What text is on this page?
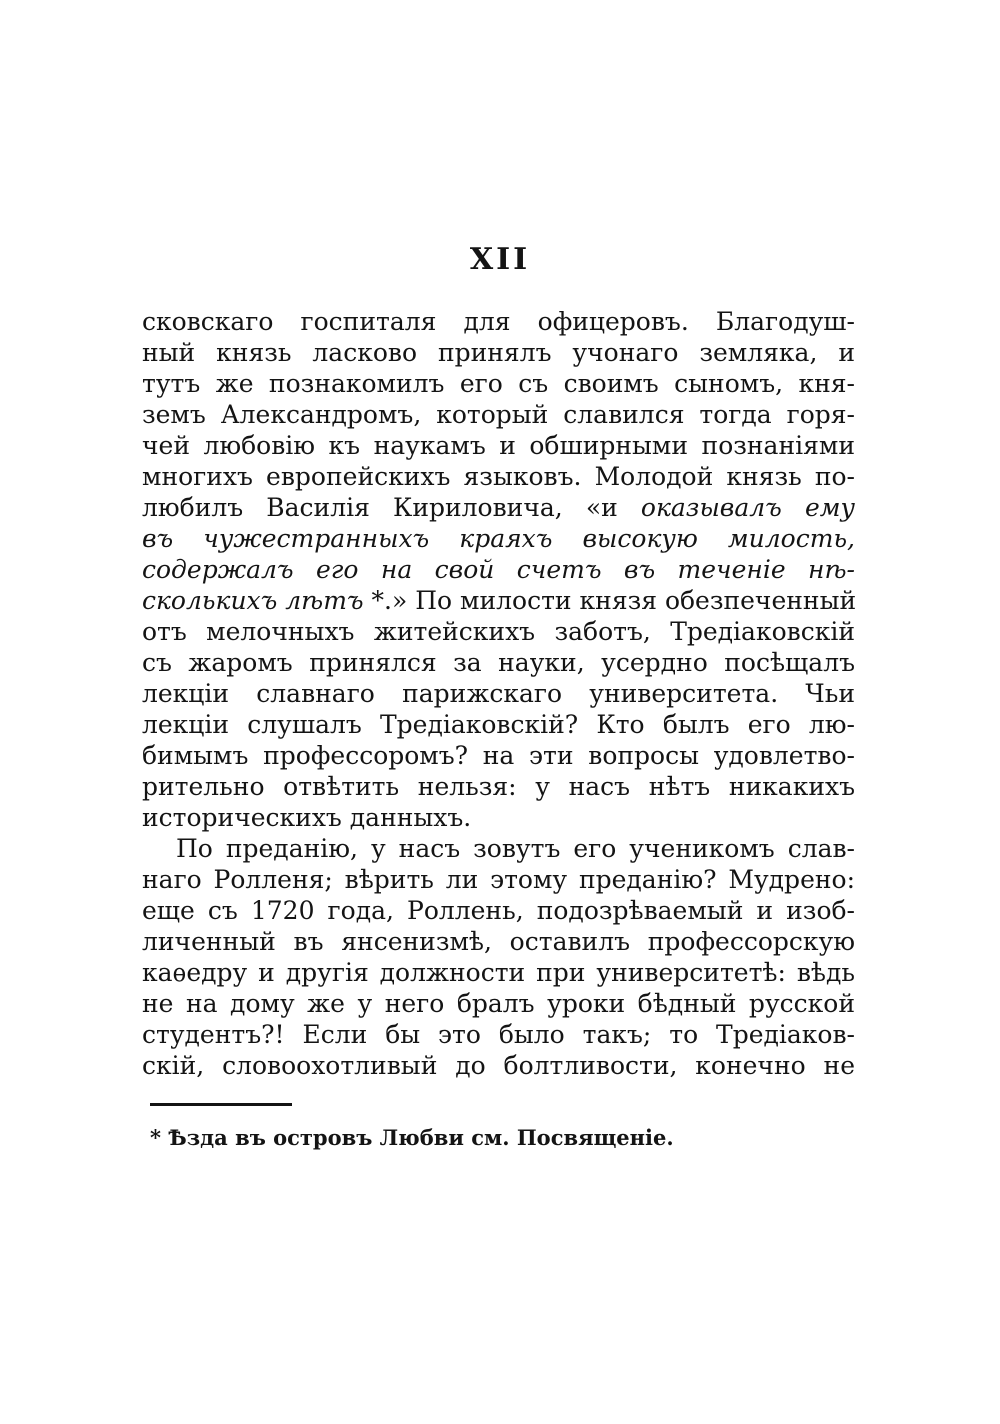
XII
сковскаго госпиталя для офицеровъ. Благодуш-
ный князь ласково принялъ учонаго земляка, и
тутъ же познакомилъ его съ своимъ сыномъ, кня-
земъ Александромъ, который славился тогда горя-
чей любовію къ наукамъ и обширными познаніями
многихъ европейскихъ языковъ. Молодой князь по-
любилъ Василія Кириловича, «и оказывалъ ему
въ чужестранныхъ краяхъ высокую милость,
содержалъ его на свой счетъ въ теченіе нѣ-
сколькихъ лѣтъ *.» По милости князя обезпеченный
отъ мелочныхъ житейскихъ заботъ, Тредіаковскій
съ жаромъ принялся за науки, усердно посѣщалъ
лекціи славнаго парижскаго университета. Чьи
лекціи слушалъ Тредіаковскій? Кто былъ его лю-
бимымъ профессоромъ? на эти вопросы удовлетво-
рительно отвѣтить нельзя: у насъ нѣтъ никакихъ
историческихъ данныхъ.
По преданію, у насъ зовутъ его ученикомъ слав-
наго Ролленя; вѣрить ли этому преданію? Мудрено:
еще съ 1720 года, Роллень, подозрѣваемый и изоб-
личенный въ янсенизмѣ, оставилъ профессорскую
каѳедру и другія должности при университетѣ: вѣдь
не на дому же у него бралъ уроки бѣдный русской
студентъ?! Если бы это было такъ; то Тредіаков-
скій, словоохотливый до болтливости, конечно не
* Ѣзда въ островъ Любви см. Посвященіе.
